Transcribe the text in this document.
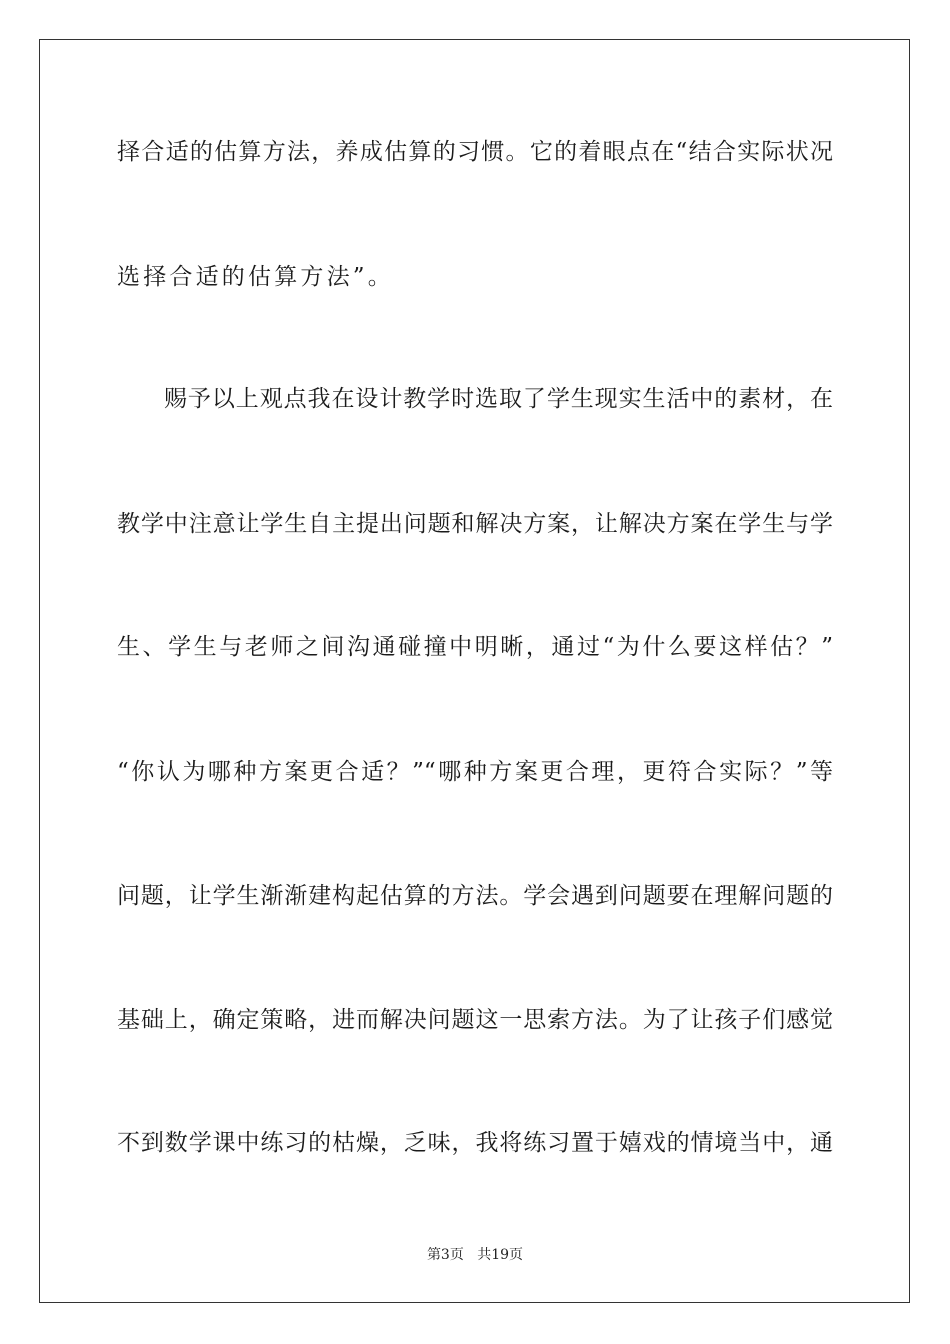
择合适的估算方法，养成估算的习惯。它的着眼点在“结合实际状况
选择合适的估算方法”。
赐予以上观点我在设计教学时选取了学生现实生活中的素材，在
教学中注意让学生自主提出问题和解决方案，让解决方案在学生与学
生、学生与老师之间沟通碰撞中明晰，通过“为什么要这样估？”
“你认为哪种方案更合适？”“哪种方案更合理，更符合实际？”等
问题，让学生渐渐建构起估算的方法。学会遇到问题要在理解问题的
基础上，确定策略，进而解决问题这一思索方法。为了让孩子们感觉
不到数学课中练习的枯燥，乏味，我将练习置于嬉戏的情境当中，通
第3页 共19页
